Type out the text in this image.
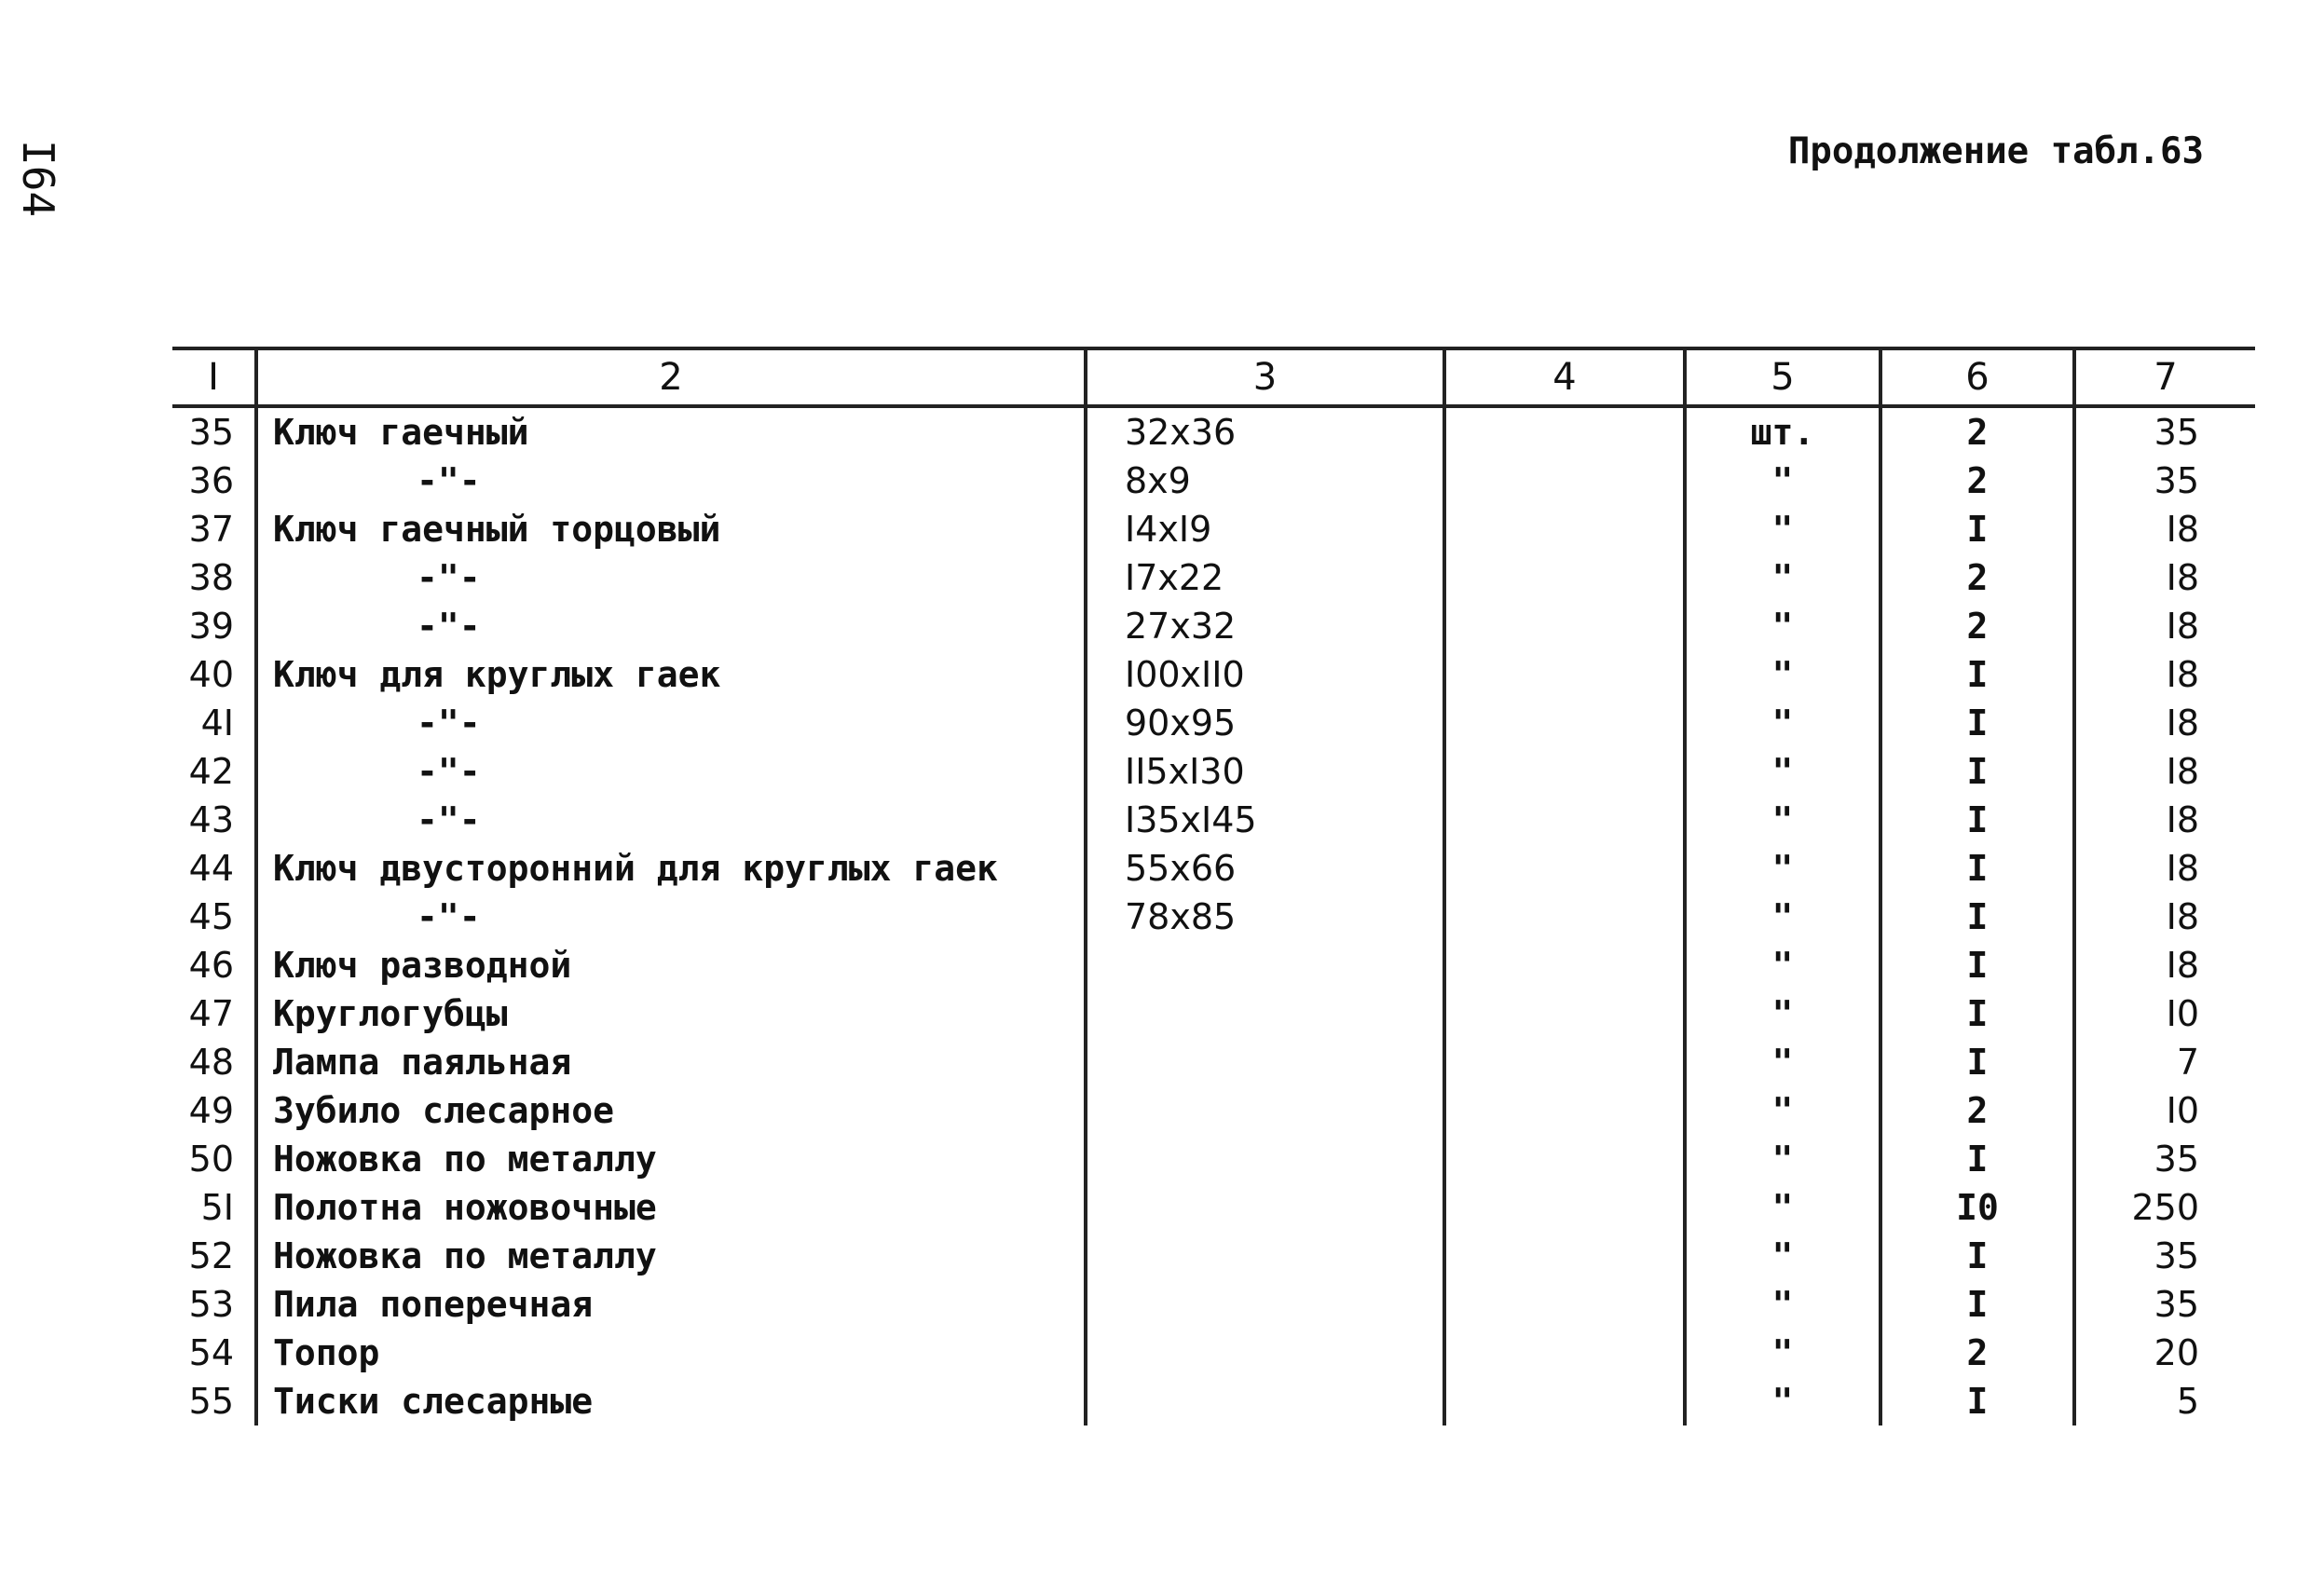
I64	Продолжение табл.63
I	2	3	4	5	6	7
35	Ключ гаечный	32x36		шт.	2	35
36	-"-	8x9		"	2	35
37	Ключ гаечный торцовый	I4xI9		"	I	I8
38	-"-	I7x22		"	2	I8
39	-"-	27x32		"	2	I8
40	Ключ для круглых гаек	I00xII0		"	I	I8
4I	-"-	90x95		"	I	I8
42	-"-	II5xI30		"	I	I8
43	-"-	I35xI45		"	I	I8
44	Ключ двусторонний для круглых гаек	55x66		"	I	I8
45	-"-	78x85		"	I	I8
46	Ключ разводной			"	I	I8
47	Круглогубцы			"	I	I0
48	Лампа паяльная			"	I	7
49	Зубило слесарное			"	2	I0
50	Ножовка по металлу			"	I	35
5I	Полотна ножовочные			"	I0	250
52	Ножовка по металлу			"	I	35
53	Пила поперечная			"	I	35
54	Топор			"	2	20
55	Тиски слесарные			"	I	5
